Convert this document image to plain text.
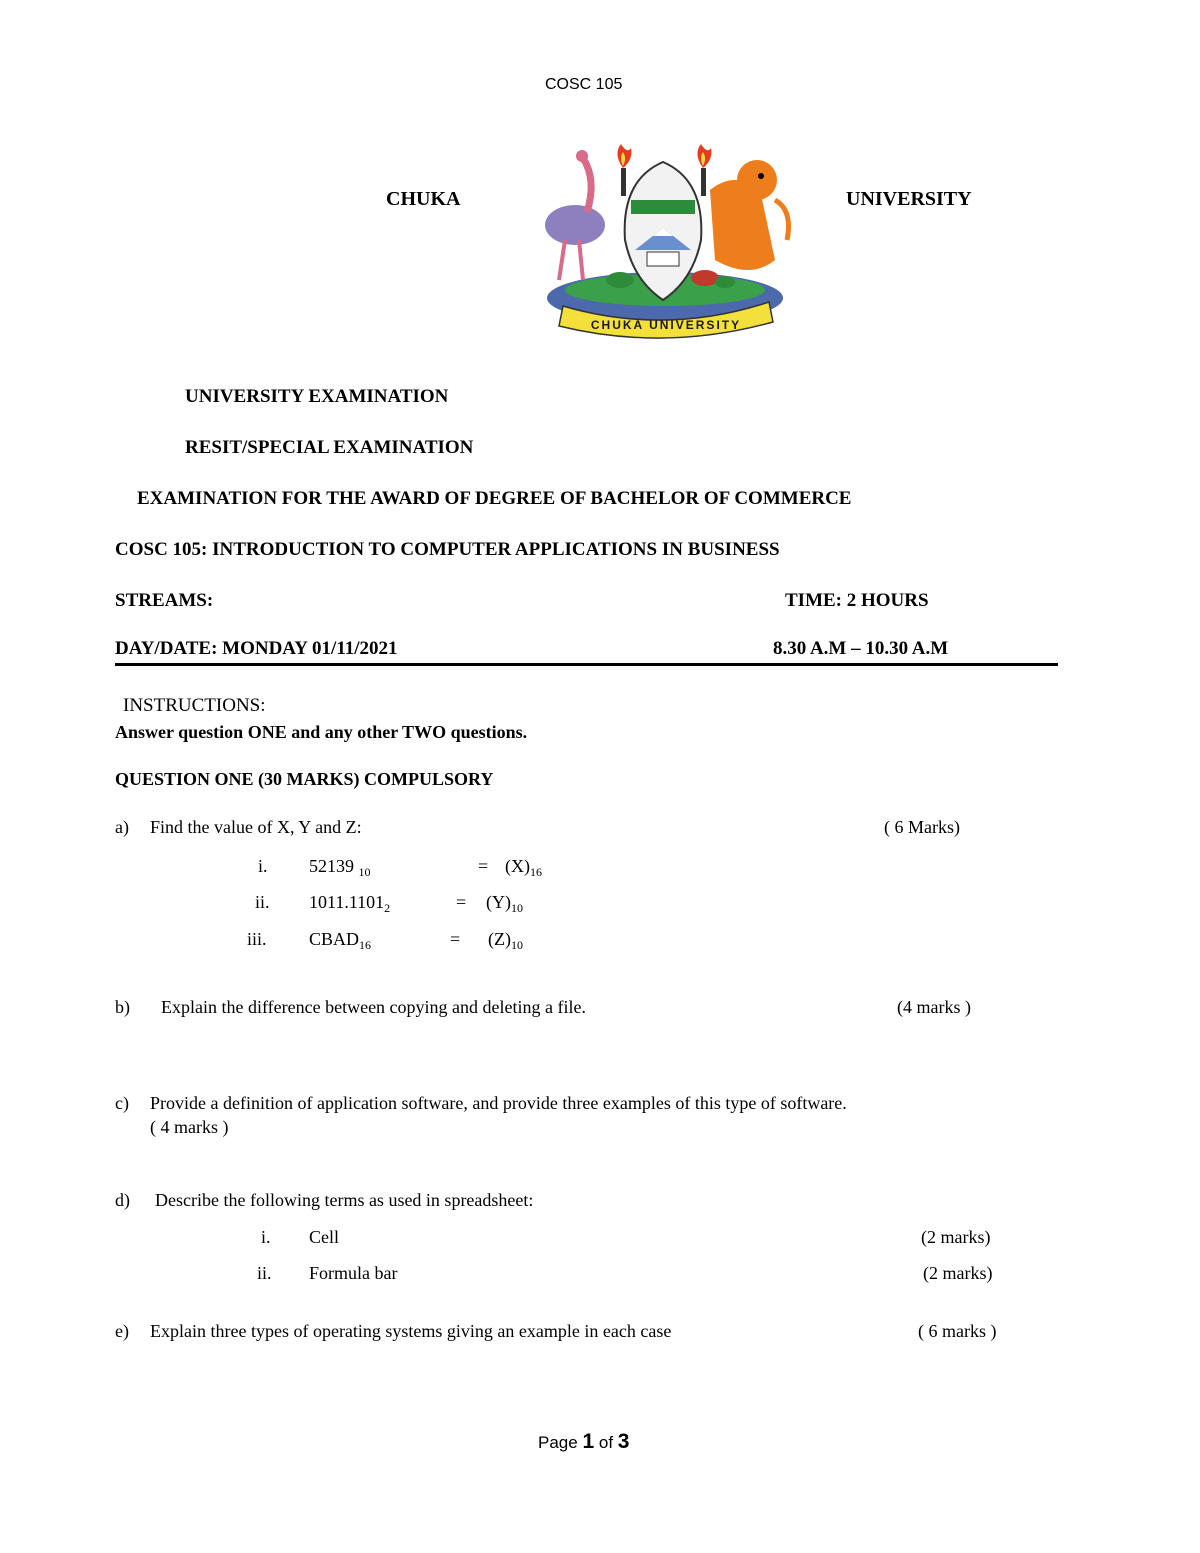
COSC 105
CHUKA	UNIVERSITY
CHUKA UNIVERSITY
UNIVERSITY EXAMINATION
RESIT/SPECIAL EXAMINATION
EXAMINATION FOR THE AWARD OF DEGREE OF BACHELOR OF COMMERCE
COSC 105: INTRODUCTION TO COMPUTER APPLICATIONS IN BUSINESS
STREAMS:	TIME: 2 HOURS
DAY/DATE: MONDAY 01/11/2021	8.30 A.M – 10.30 A.M
INSTRUCTIONS:
Answer question ONE and any other TWO questions.
QUESTION ONE (30 MARKS) COMPULSORY
a) Find the value of X, Y and Z:	( 6 Marks)
i. 52139 $_{10}$	= $(X)_{16}$
ii. $1011.1101_2$	= $(Y)_{10}$
iii. $CBAD_{16}$	= $(Z)_{10}$
b) Explain the difference between copying and deleting a file.	(4 marks )
c) Provide a definition of application software, and provide three examples of this type of software.
( 4 marks )
d) Describe the following terms as used in spreadsheet:
i. Cell	(2 marks)
ii. Formula bar	(2 marks)
e) Explain three types of operating systems giving an example in each case	( 6 marks )
Page 1 of 3
